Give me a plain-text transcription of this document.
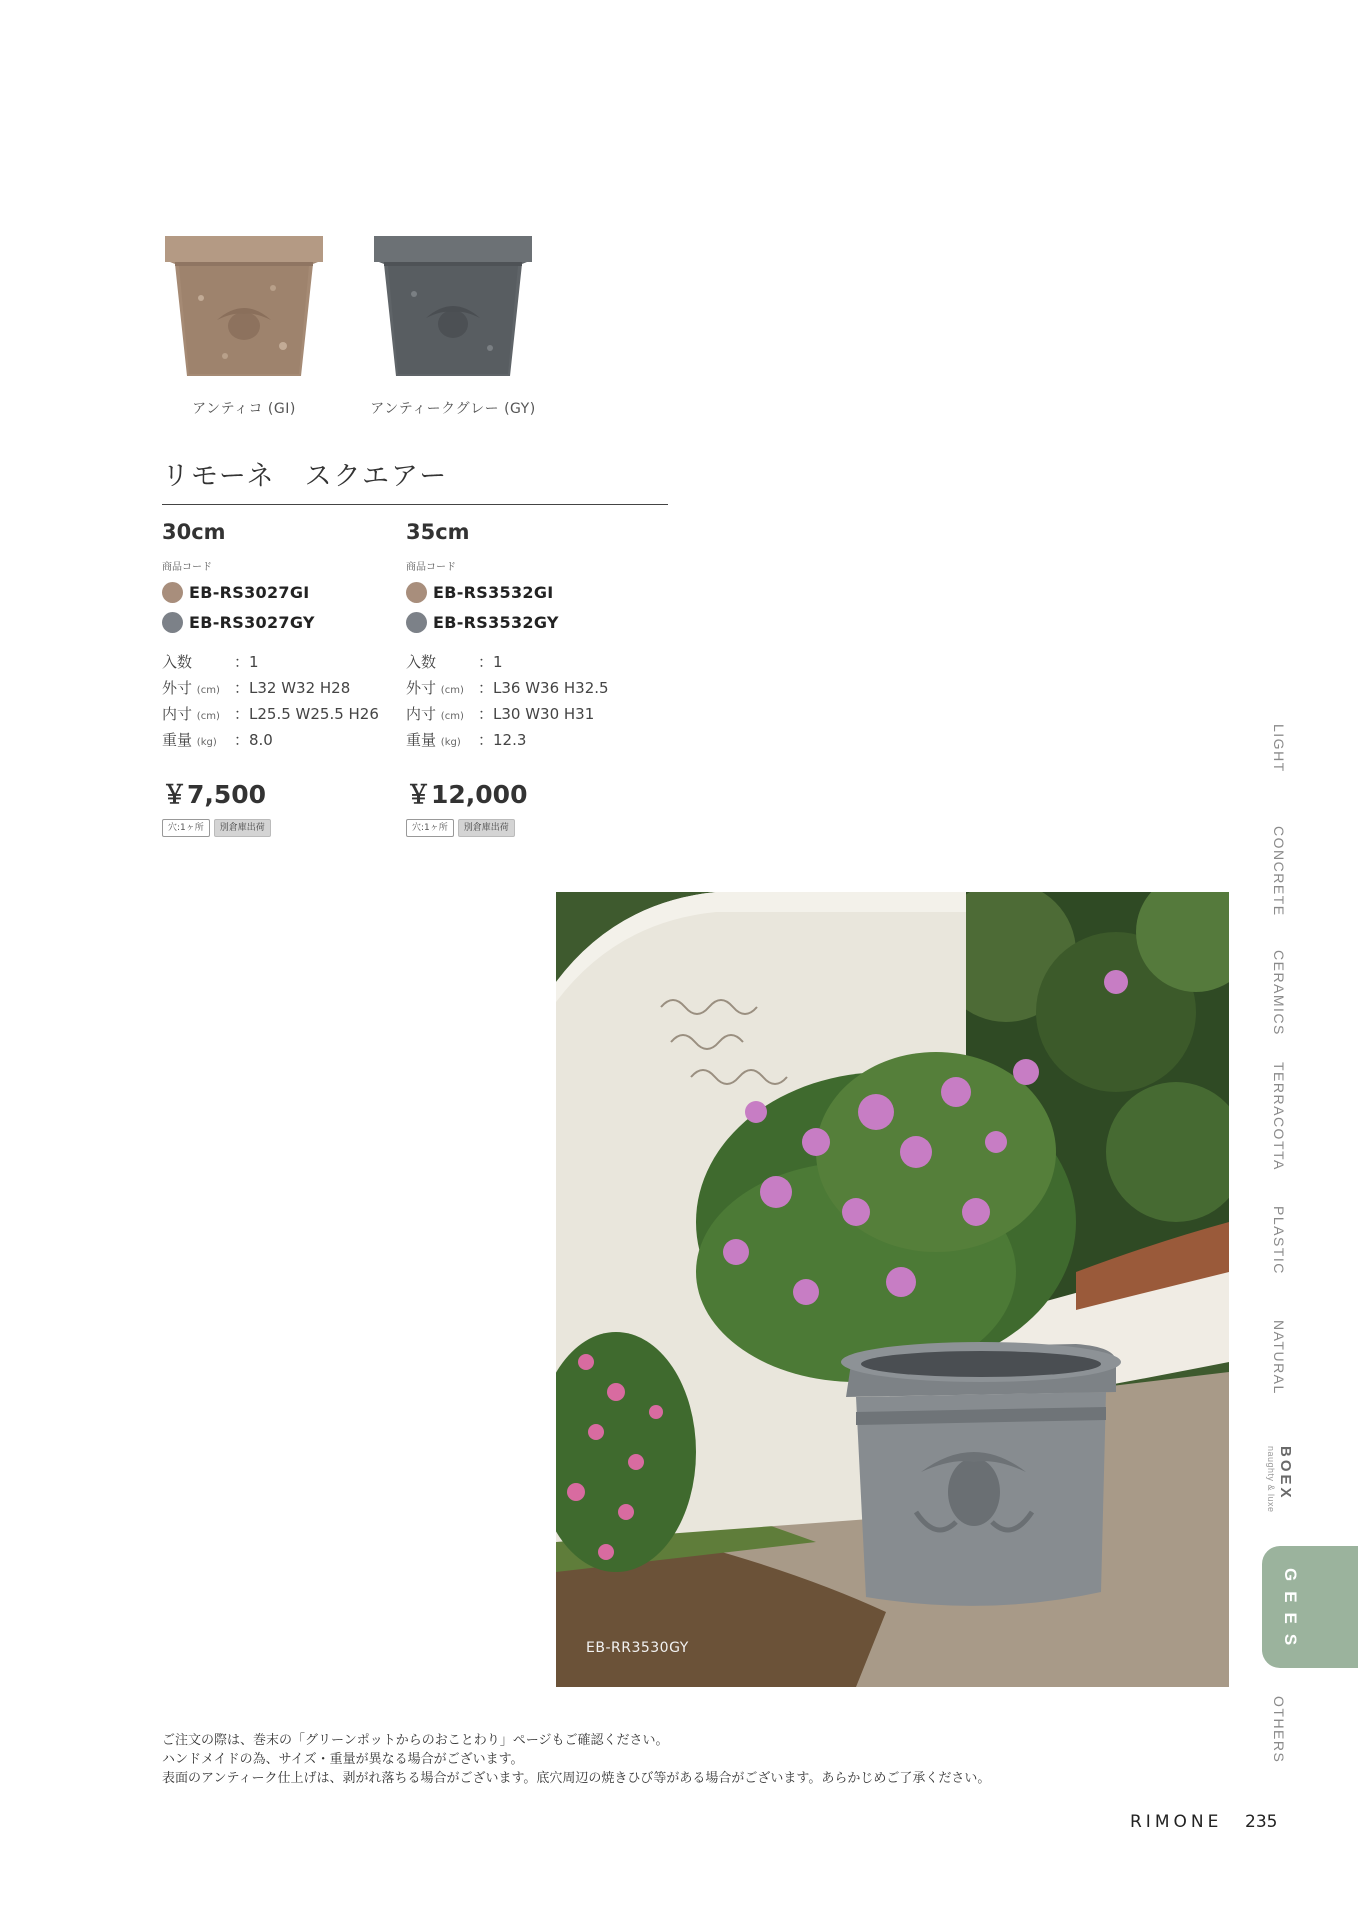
アンティコ (GI)	アンティークグレー (GY)
リモーネ　スクエアー
30cm
商品コード
EB‑RS3027GI
EB‑RS3027GY
入数	：1
外寸 (cm) ：L32 W32 H28
内寸 (cm) ：L25.5 W25.5 H26
重量 (kg)	：8.0
￥7,500
穴:1ヶ所	別倉庫出荷
35cm
商品コード
EB‑RS3532GI
EB‑RS3532GY
入数	：1
外寸 (cm) ：L36 W36 H32.5
内寸 (cm) ：L30 W30 H31
重量 (kg)	：12.3
￥12,000
穴:1ヶ所	別倉庫出荷
EB-RR3530GY
ご注文の際は、巻末の「グリーンポットからのおことわり」ページもご確認ください。
ハンドメイドの為、サイズ・重量が異なる場合がございます。
表面のアンティーク仕上げは、剥がれ落ちる場合がございます。底穴周辺の焼きひび等がある場合がございます。あらかじめご了承ください。
RIMONE 235
LIGHT
CONCRETE
CERAMICS
TERRACOTTA
PLASTIC
NATURAL
BOEX
naughty & luxe
GEES
OTHERS
